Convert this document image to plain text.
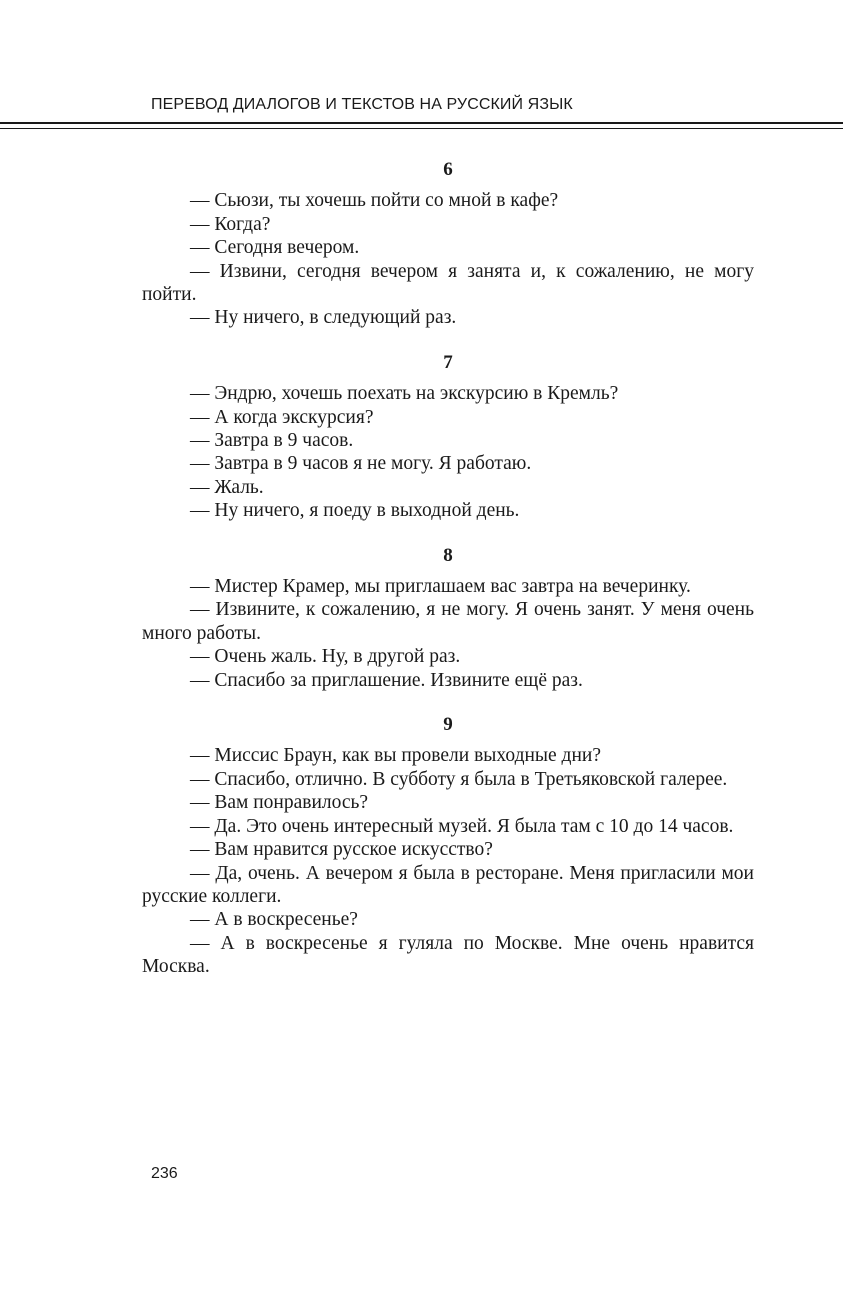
ПЕРЕВОД ДИАЛОГОВ И ТЕКСТОВ НА РУССКИЙ ЯЗЫК
6

— Сьюзи, ты хочешь пойти со мной в кафе?

— Когда?

— Сегодня вечером.

— Извини, сегодня вечером я занята и, к сожалению, не могу пойти.

— Ну ничего, в следующий раз.

7

— Эндрю, хочешь поехать на экскурсию в Кремль?

— А когда экскурсия?

— Завтра в 9 часов.

— Завтра в 9 часов я не могу. Я работаю.

— Жаль.

— Ну ничего, я поеду в выходной день.

8

— Мистер Крамер, мы приглашаем вас завтра на вечеринку.

— Извините, к сожалению, я не могу. Я очень занят. У меня очень много работы.

— Очень жаль. Ну, в другой раз.

— Спасибо за приглашение. Извините ещё раз.

9

— Миссис Браун, как вы провели выходные дни?

— Спасибо, отлично. В субботу я была в Третьяковской галерее.

— Вам понравилось?

— Да. Это очень интересный музей. Я была там с 10 до 14 часов.

— Вам нравится русское искусство?

— Да, очень. А вечером я была в ресторане. Меня пригласили мои русские коллеги.

— А в воскресенье?

— А в воскресенье я гуляла по Москве. Мне очень нравится Москва.

236
